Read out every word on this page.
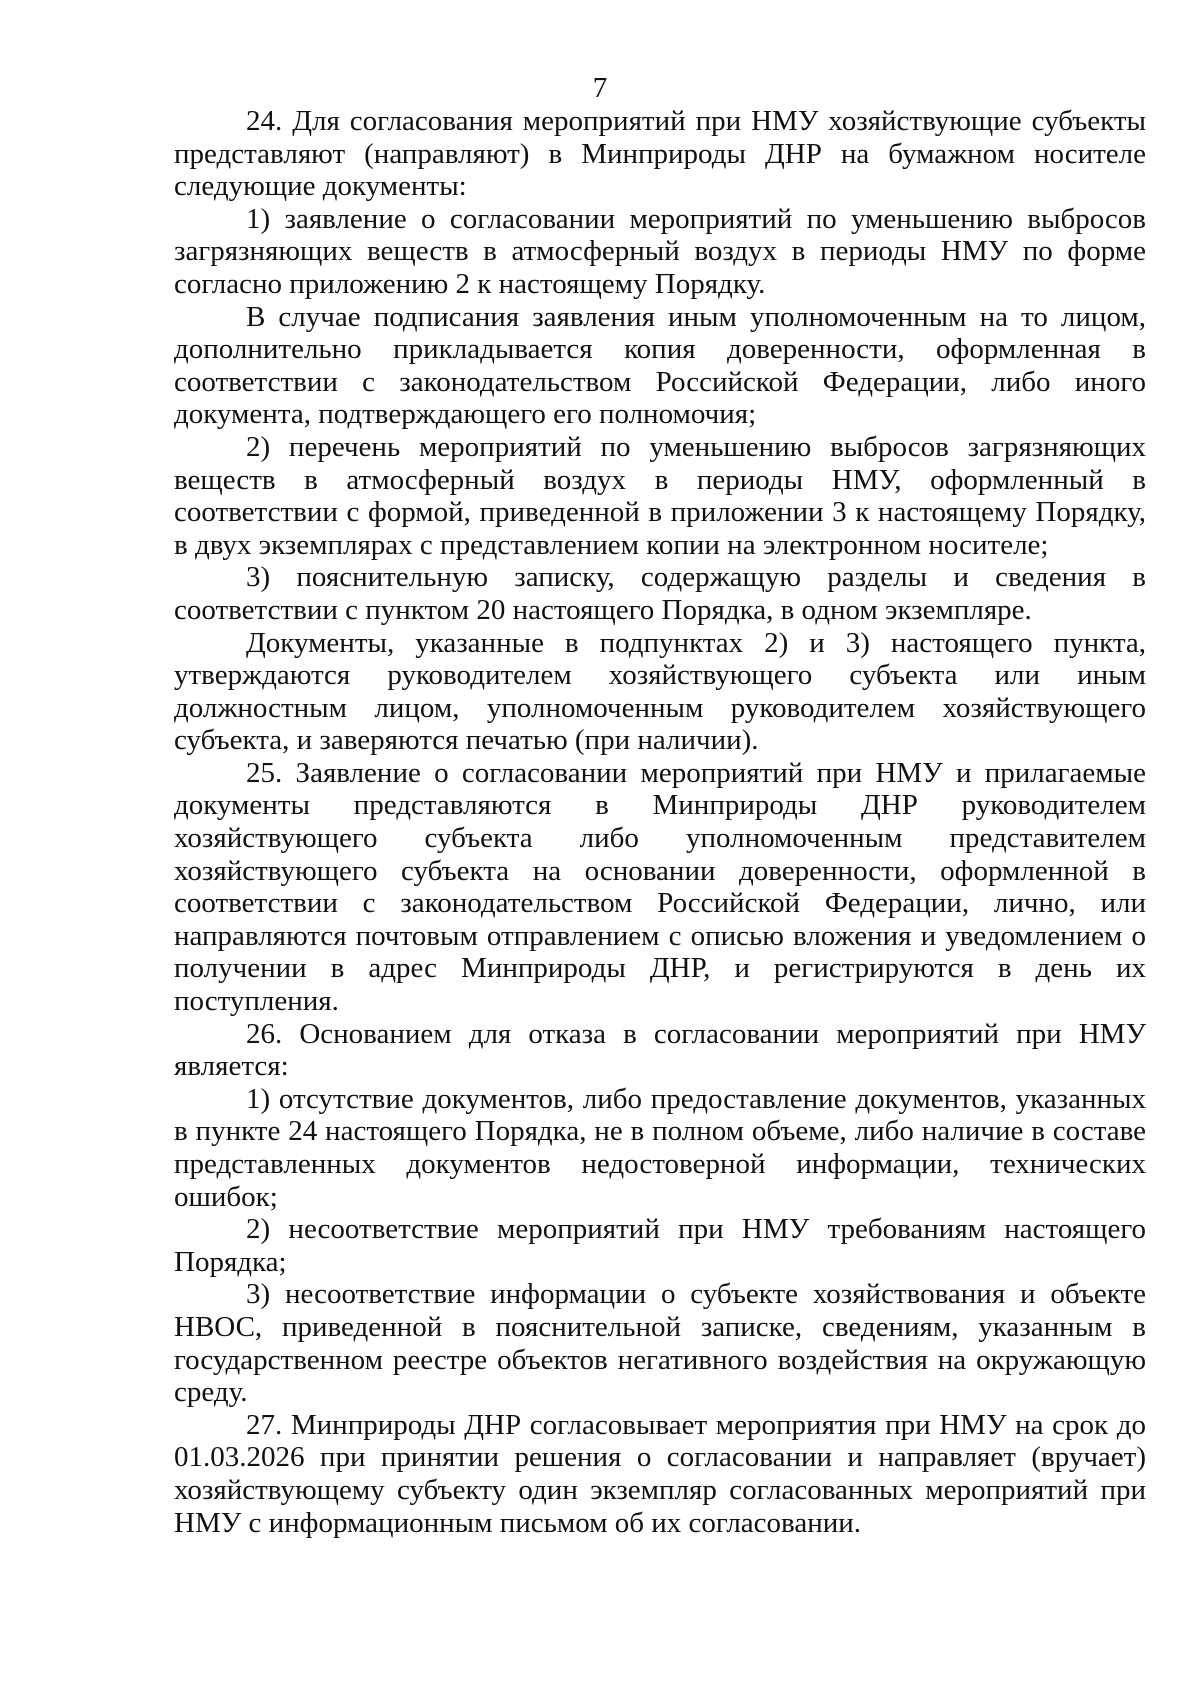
7

24. Для согласования мероприятий при НМУ хозяйствующие субъекты представляют (направляют) в Минприроды ДНР на бумажном носителе следующие документы:

1) заявление о согласовании мероприятий по уменьшению выбросов загрязняющих веществ в атмосферный воздух в периоды НМУ по форме согласно приложению 2 к настоящему Порядку.

В случае подписания заявления иным уполномоченным на то лицом, дополнительно прикладывается копия доверенности, оформленная в соответствии с законодательством Российской Федерации, либо иного документа, подтверждающего его полномочия;

2) перечень мероприятий по уменьшению выбросов загрязняющих веществ в атмосферный воздух в периоды НМУ, оформленный в соответствии с формой, приведенной в приложении 3 к настоящему Порядку, в двух экземплярах с представлением копии на электронном носителе;

3) пояснительную записку, содержащую разделы и сведения в соответствии с пунктом 20 настоящего Порядка, в одном экземпляре.

Документы, указанные в подпунктах 2) и 3) настоящего пункта, утверждаются руководителем хозяйствующего субъекта или иным должностным лицом, уполномоченным руководителем хозяйствующего субъекта, и заверяются печатью (при наличии).

25. Заявление о согласовании мероприятий при НМУ и прилагаемые документы представляются в Минприроды ДНР руководителем хозяйствующего субъекта либо уполномоченным представителем хозяйствующего субъекта на основании доверенности, оформленной в соответствии с законодательством Российской Федерации, лично, или направляются почтовым отправлением с описью вложения и уведомлением о получении в адрес Минприроды ДНР, и регистрируются в день их поступления.

26. Основанием для отказа в согласовании мероприятий при НМУ является:

1) отсутствие документов, либо предоставление документов, указанных в пункте 24 настоящего Порядка, не в полном объеме, либо наличие в составе представленных документов недостоверной информации, технических ошибок;

2) несоответствие мероприятий при НМУ требованиям настоящего Порядка;

3) несоответствие информации о субъекте хозяйствования и объекте НВОС, приведенной в пояснительной записке, сведениям, указанным в государственном реестре объектов негативного воздействия на окружающую среду.

27. Минприроды ДНР согласовывает мероприятия при НМУ на срок до 01.03.2026 при принятии решения о согласовании и направляет (вручает) хозяйствующему субъекту один экземпляр согласованных мероприятий при НМУ с информационным письмом об их согласовании.
